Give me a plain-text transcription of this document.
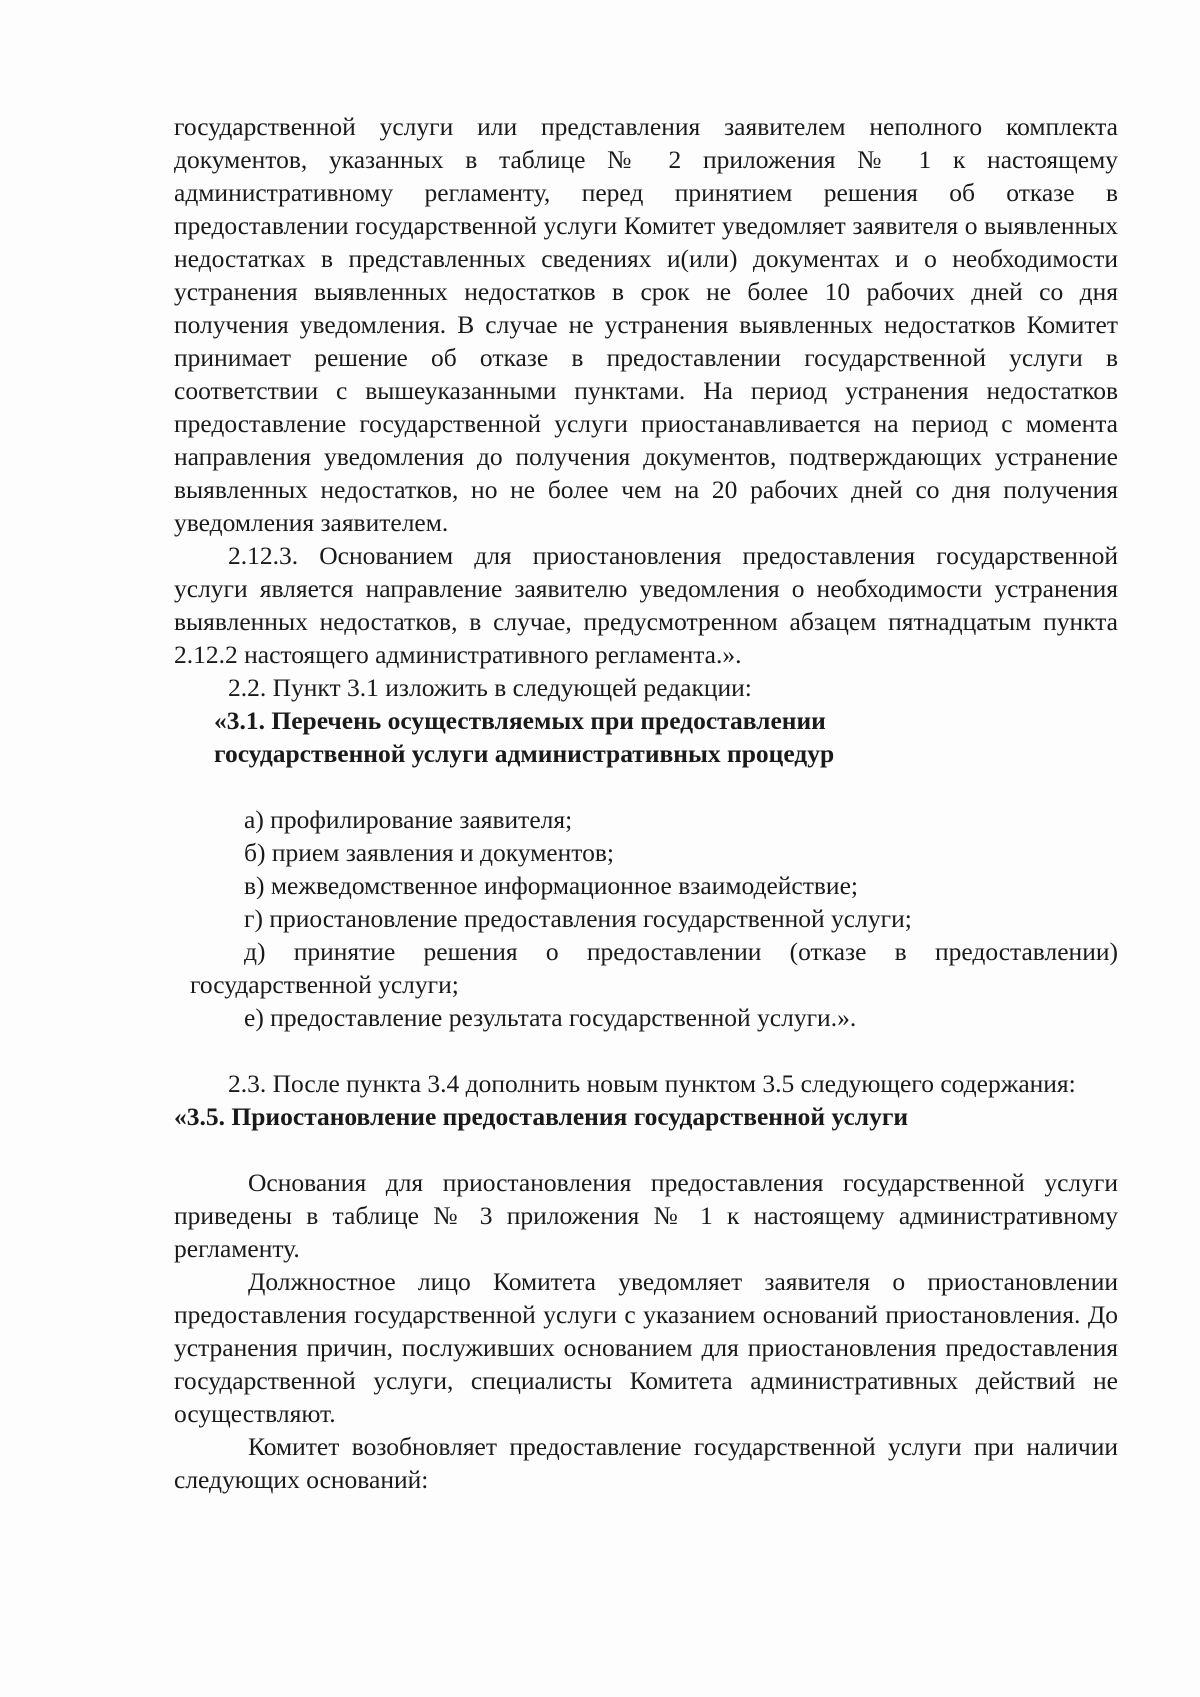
государственной услуги или представления заявителем неполного комплекта документов, указанных в таблице № 2 приложения № 1 к настоящему административному регламенту, перед принятием решения об отказе в предоставлении государственной услуги Комитет уведомляет заявителя о выявленных недостатках в представленных сведениях и(или) документах и о необходимости устранения выявленных недостатков в срок не более 10 рабочих дней со дня получения уведомления. В случае не устранения выявленных недостатков Комитет принимает решение об отказе в предоставлении государственной услуги в соответствии с вышеуказанными пунктами. На период устранения недостатков предоставление государственной услуги приостанавливается на период с момента направления уведомления до получения документов, подтверждающих устранение выявленных недостатков, но не более чем на 20 рабочих дней со дня получения уведомления заявителем.

2.12.3. Основанием для приостановления предоставления государственной услуги является направление заявителю уведомления о необходимости устранения выявленных недостатков, в случае, предусмотренном абзацем пятнадцатым пункта 2.12.2 настоящего административного регламента.».

2.2. Пункт 3.1 изложить в следующей редакции:

«3.1. Перечень осуществляемых при предоставлении

государственной услуги административных процедур

а) профилирование заявителя;

б) прием заявления и документов;

в) межведомственное информационное взаимодействие;

г) приостановление предоставления государственной услуги;

д) принятие решения о предоставлении (отказе в предоставлении) государственной услуги;

е) предоставление результата государственной услуги.».

2.3. После пункта 3.4 дополнить новым пунктом 3.5 следующего содержания:

«3.5. Приостановление предоставления государственной услуги

Основания для приостановления предоставления государственной услуги приведены в таблице № 3 приложения № 1 к настоящему административному регламенту.

Должностное лицо Комитета уведомляет заявителя о приостановлении предоставления государственной услуги с указанием оснований приостановления. До устранения причин, послуживших основанием для приостановления предоставления государственной услуги, специалисты Комитета административных действий не осуществляют.

Комитет возобновляет предоставление государственной услуги при наличии следующих оснований:
